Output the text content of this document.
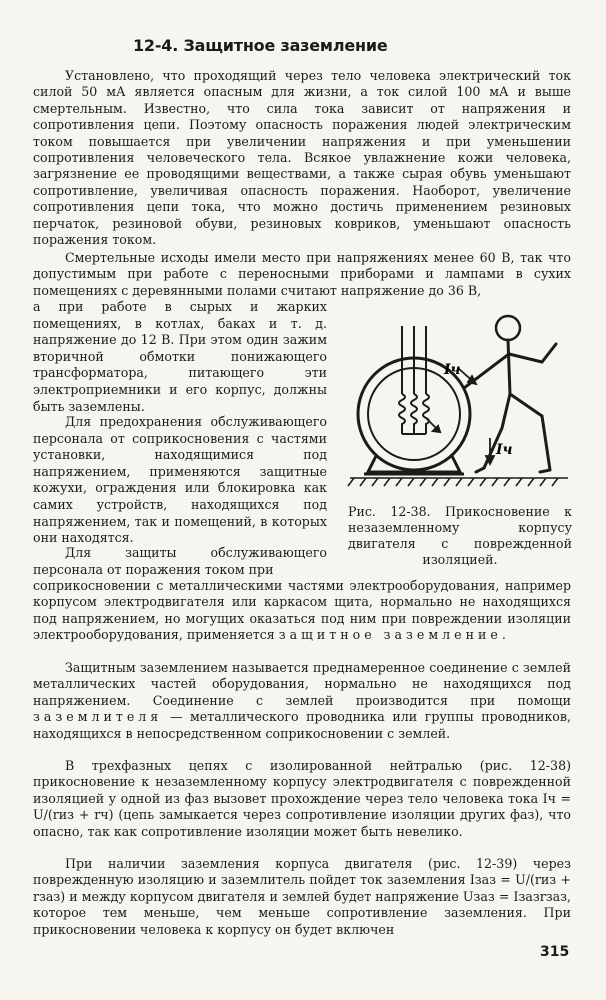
12-4. Защитное заземление

Установлено, что проходящий через тело человека электрический ток силой 50 мА является опасным для жизни, а ток силой 100 мА и выше смертельным. Известно, что сила тока зависит от напряжения и сопротивления цепи. Поэтому опасность поражения людей электрическим током повышается при увеличении напряжения и при уменьшении сопротивления человеческого тела. Всякое увлажнение кожи человека, загрязнение ее проводящими веществами, а также сырая обувь уменьшают сопротивление, увеличивая опасность поражения. Наоборот, увеличение сопротивления цепи тока, что можно достичь применением резиновых перчаток, резиновой обуви, резиновых ковриков, уменьшают опасность поражения током.

Смертельные исходы имели место при напряжениях менее 60 В, так что допустимым при работе с переносными приборами и лампами в сухих помещениях с деревянными полами считают напряжение до 36 В,

а при работе в сырых и жарких помещениях, в котлах, баках и т. д. напряжение до 12 В. При этом один зажим вторичной обмотки понижающего трансформатора, питающего эти электроприемники и его корпус, должны быть заземлены.

Для предохранения обслуживающего персонала от соприкосновения с частями установки, находящимися под напряжением, применяются защитные кожухи, ограждения или блокировка как самих устройств, находящихся под напряжением, так и помещений, в которых они находятся.

Для защиты обслуживающего персонала от поражения током при

соприкосновении с металлическими частями электрооборудования, например корпусом электродвигателя или каркасом щита, нормально не находящихся под напряжением, но могущих оказаться под ним при повреждении изоляции электрооборудования, применяется защитное заземление.

Защитным заземлением называется преднамеренное соединение с землей металлических частей оборудования, нормально не находящихся под напряжением. Соединение с землей производится при помощи заземлителя — металлического проводника или группы проводников, находящихся в непосредственном соприкосновении с землей.

В трехфазных цепях с изолированной нейтралью (рис. 12-38) прикосновение к незаземленному корпусу электродвигателя с поврежденной изоляцией у одной из фаз вызовет прохождение через тело человека тока Iч = U/(rиз + rч) (цепь замыкается через сопротивление изоляции других фаз), что опасно, так как сопротивление изоляции может быть невелико.

При наличии заземления корпуса двигателя (рис. 12-39) через поврежденную изоляцию и заземлитель пойдет ток заземления Iзаз = U/(rиз + rзаз) и между корпусом двигателя и землей будет напряжение Uзаз = Iзазrзаз, которое тем меньше, чем меньше сопротивление заземления. При прикосновении человека к корпусу он будет включен

Iч
Iч

Рис. 12-38. Прикосновение к незаземленному корпусу двигателя с поврежденной изоляцией.

315
